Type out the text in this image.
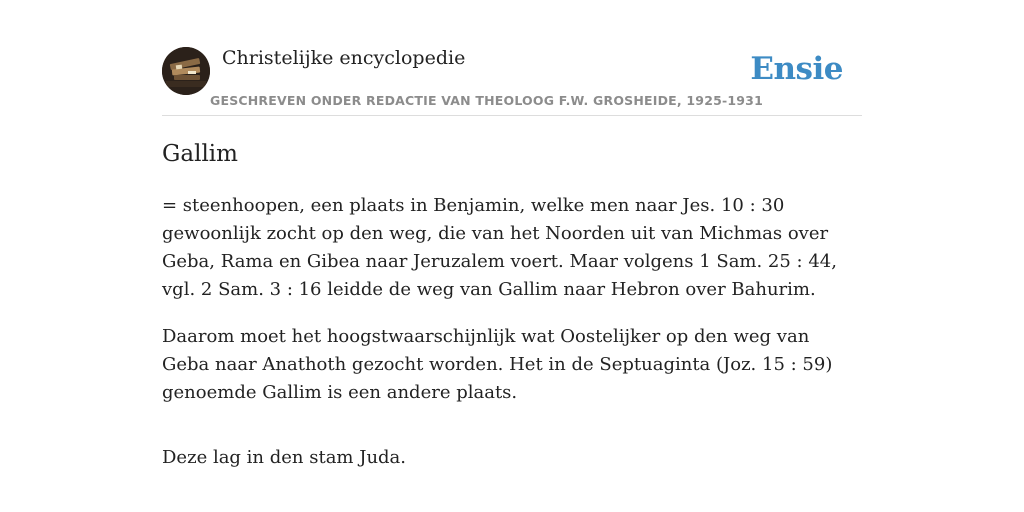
Christelijke encyclopedie
GESCHREVEN ONDER REDACTIE VAN THEOLOOG F.W. GROSHEIDE, 1925-1931
Ensie
Gallim

= steenhoopen, een plaats in Benjamin, welke men naar Jes. 10 : 30 gewoonlijk zocht op den weg, die van het Noorden uit van Michmas over Geba, Rama en Gibea naar Jeruzalem voert. Maar volgens 1 Sam. 25 : 44, vgl. 2 Sam. 3 : 16 leidde de weg van Gallim naar Hebron over Bahurim.

Daarom moet het hoogstwaarschijnlijk wat Oostelijker op den weg van Geba naar Anathoth gezocht worden. Het in de Septuaginta (Joz. 15 : 59) genoemde Gallim is een andere plaats.

Deze lag in den stam Juda.
